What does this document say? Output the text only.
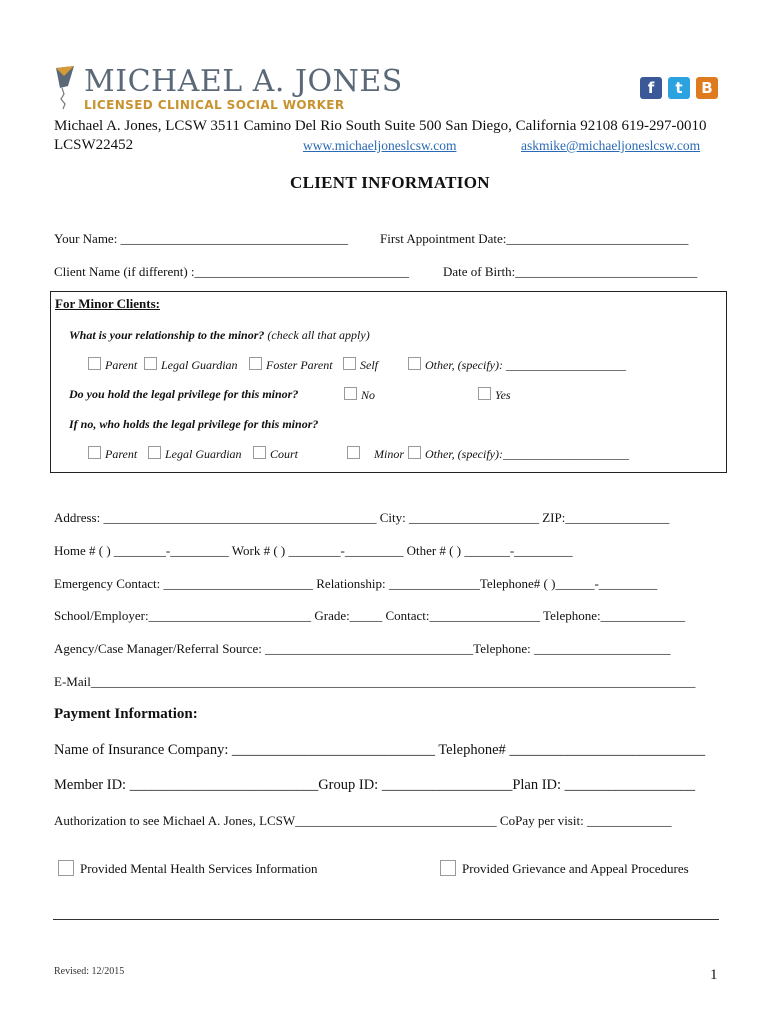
MICHAEL A. JONES
LICENSED CLINICAL SOCIAL WORKER
f	t	B
Michael A. Jones, LCSW 3511 Camino Del Rio South Suite 500 San Diego, California 92108 619-297-0010
LCSW22452	www.michaeljoneslcsw.com	askmike@michaeljoneslcsw.com
CLIENT INFORMATION
Your Name: ___________________________________ First Appointment Date:____________________________
Client Name (if different) :_________________________________	Date of Birth:____________________________
For Minor Clients:
What is your relationship to the minor? (check all that apply)
Parent	Legal Guardian	Foster Parent	Self	Other, (specify): ____________________
Do you hold the legal privilege for this minor?	No	Yes
If no, who holds the legal privilege for this minor?
Parent	Legal Guardian	Court	Minor	Other, (specify):_____________________
Address: __________________________________________ City: ____________________ ZIP:________________
Home # ( ) ________-_________ Work # ( ) ________-_________ Other # ( ) _______-_________
Emergency Contact: _______________________ Relationship: ______________Telephone# ( )______-_________
School/Employer:_________________________ Grade:_____ Contact:_________________ Telephone:_____________
Agency/Case Manager/Referral Source: ________________________________Telephone: _____________________
E-Mail_____________________________________________________________________________________________
Payment Information:
Name of Insurance Company: ____________________________ Telephone# ___________________________
Member ID: __________________________Group ID: __________________Plan ID: __________________
Authorization to see Michael A. Jones, LCSW_______________________________ CoPay per visit: _____________
Provided Mental Health Services Information	Provided Grievance and Appeal Procedures
Revised: 12/2015	1
